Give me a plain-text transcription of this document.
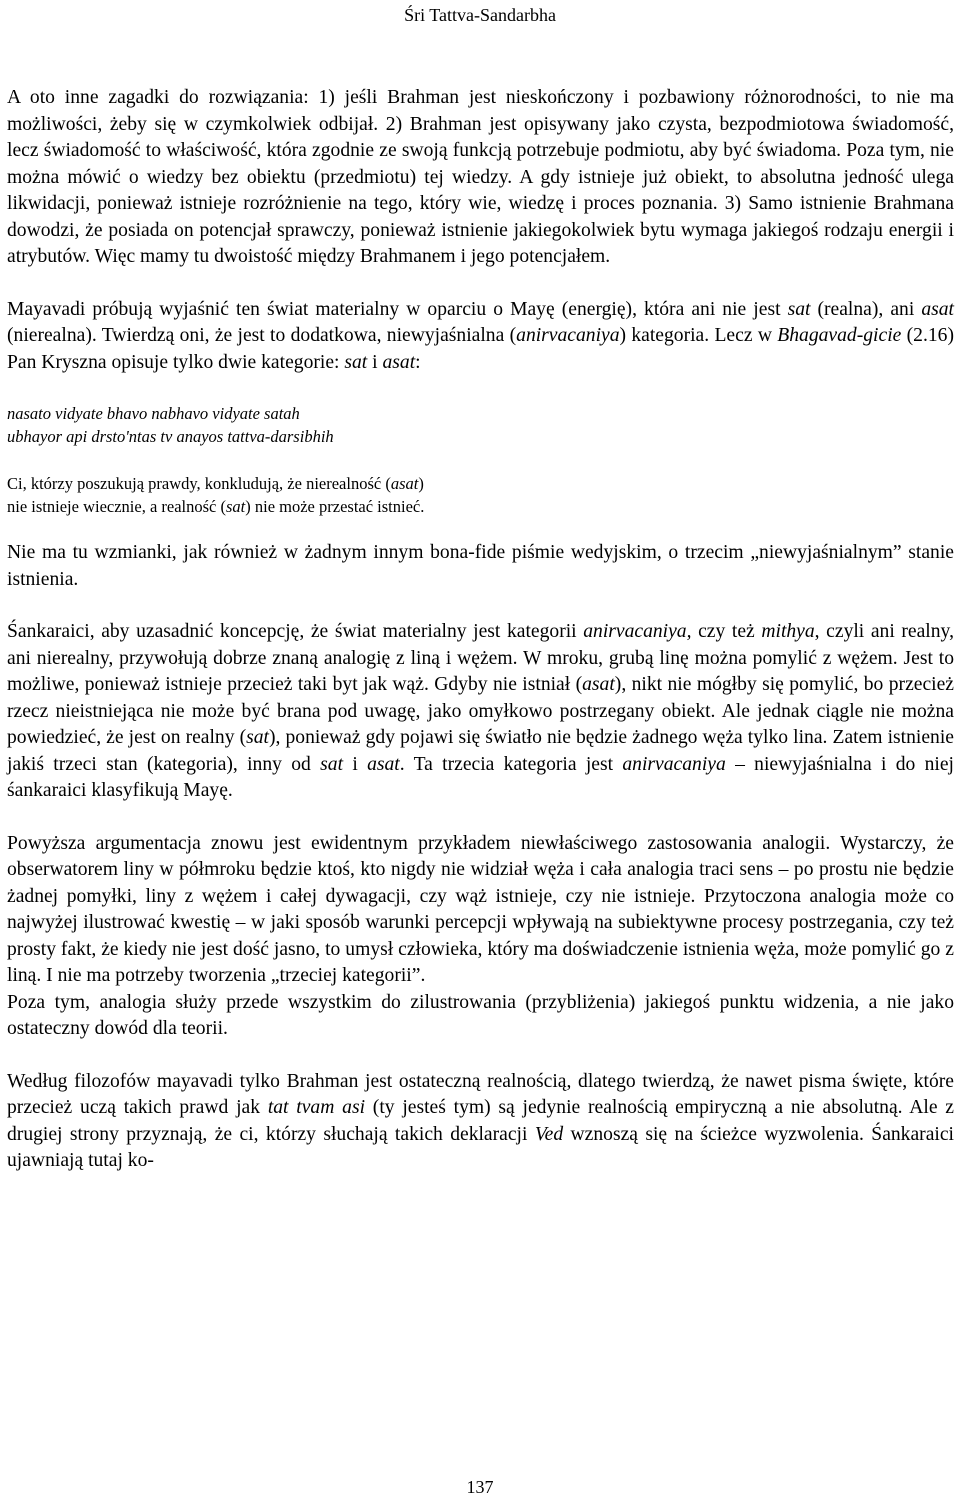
Śri Tattva-Sandarbha

A oto inne zagadki do rozwiązania: 1) jeśli Brahman jest nieskończony i pozbawiony różnorodności, to nie ma możliwości, żeby się w czymkolwiek odbijał. 2) Brahman jest opisywany jako czysta, bezpodmiotowa świadomość, lecz świadomość to właściwość, która zgodnie ze swoją funkcją potrzebuje podmiotu, aby być świadoma. Poza tym, nie można mówić o wiedzy bez obiektu (przedmiotu) tej wiedzy. A gdy istnieje już obiekt, to absolutna jedność ulega likwidacji, ponieważ istnieje rozróżnienie na tego, który wie, wiedzę i proces poznania. 3) Samo istnienie Brahmana dowodzi, że posiada on potencjał sprawczy, ponieważ istnienie jakiegokolwiek bytu wymaga jakiegoś rodzaju energii i atrybutów. Więc mamy tu dwoistość między Brahmanem i jego potencjałem.

Mayavadi próbują wyjaśnić ten świat materialny w oparciu o Mayę (energię), która ani nie jest sat (realna), ani asat (nierealna). Twierdzą oni, że jest to dodatkowa, niewyjaśnialna (anirvacaniya) kategoria. Lecz w Bhagavad-gicie (2.16) Pan Kryszna opisuje tylko dwie kategorie: sat i asat:

nasato vidyate bhavo nabhavo vidyate satah
ubhayor api drsto'ntas tv anayos tattva-darsibhih
Ci, którzy poszukują prawdy, konkludują, że nierealność (asat)
nie istnieje wiecznie, a realność (sat) nie może przestać istnieć.

Nie ma tu wzmianki, jak również w żadnym innym bona-fide piśmie wedyjskim, o trzecim „niewyjaśnialnym” stanie istnienia.

Śankaraici, aby uzasadnić koncepcję, że świat materialny jest kategorii anirvacaniya, czy też mithya, czyli ani realny, ani nierealny, przywołują dobrze znaną analogię z liną i wężem. W mroku, grubą linę można pomylić z wężem. Jest to możliwe, ponieważ istnieje przecież taki byt jak wąż. Gdyby nie istniał (asat), nikt nie mógłby się pomylić, bo przecież rzecz nieistniejąca nie może być brana pod uwagę, jako omyłkowo postrzegany obiekt. Ale jednak ciągle nie można powiedzieć, że jest on realny (sat), ponieważ gdy pojawi się światło nie będzie żadnego węża tylko lina. Zatem istnienie jakiś trzeci stan (kategoria), inny od sat i asat. Ta trzecia kategoria jest anirvacaniya – niewyjaśnialna i do niej śankaraici klasyfikują Mayę.

Powyższa argumentacja znowu jest ewidentnym przykładem niewłaściwego zastosowania analogii. Wystarczy, że obserwatorem liny w półmroku będzie ktoś, kto nigdy nie widział węża i cała analogia traci sens – po prostu nie będzie żadnej pomyłki, liny z wężem i całej dywagacji, czy wąż istnieje, czy nie istnieje. Przytoczona analogia może co najwyżej ilustrować kwestię – w jaki sposób warunki percepcji wpływają na subiektywne procesy postrzegania, czy też prosty fakt, że kiedy nie jest dość jasno, to umysł człowieka, który ma doświadczenie istnienia węża, może pomylić go z liną. I nie ma potrzeby tworzenia „trzeciej kategorii”.

Poza tym, analogia służy przede wszystkim do zilustrowania (przybliżenia) jakiegoś punktu widzenia, a nie jako ostateczny dowód dla teorii.

Według filozofów mayavadi tylko Brahman jest ostateczną realnością, dlatego twierdzą, że nawet pisma święte, które przecież uczą takich prawd jak tat tvam asi (ty jesteś tym) są jedynie realnością empiryczną a nie absolutną. Ale z drugiej strony przyznają, że ci, którzy słuchają takich deklaracji Ved wznoszą się na ścieżce wyzwolenia. Śankaraici ujawniają tutaj ko-

137
